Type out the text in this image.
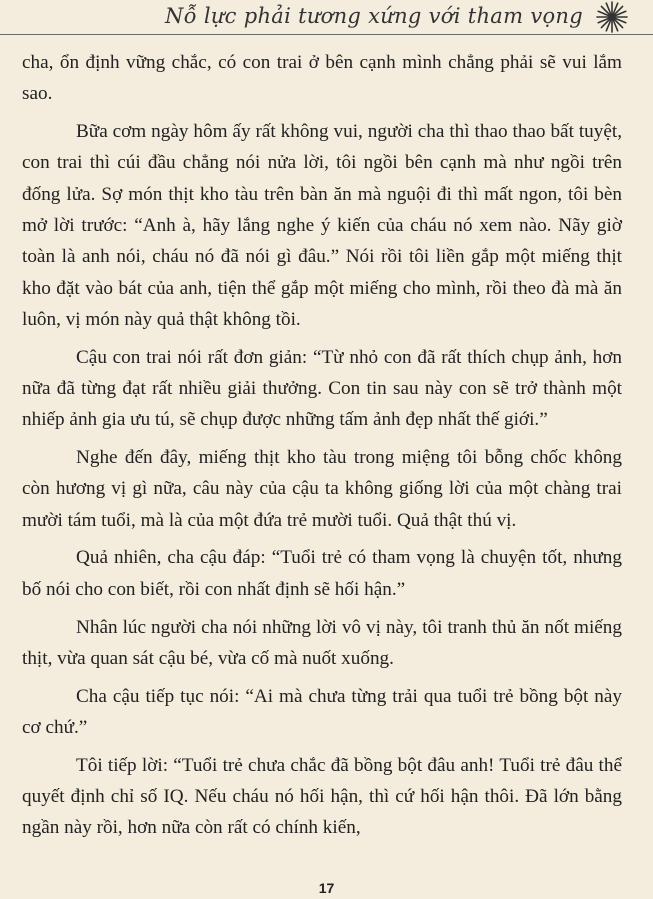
Nỗ lực phải tương xứng với tham vọng

cha, ổn định vững chắc, có con trai ở bên cạnh mình chẳng phải sẽ vui lắm sao.

Bữa cơm ngày hôm ấy rất không vui, người cha thì thao thao bất tuyệt, con trai thì cúi đầu chẳng nói nửa lời, tôi ngồi bên cạnh mà như ngồi trên đống lửa. Sợ món thịt kho tàu trên bàn ăn mà nguội đi thì mất ngon, tôi bèn mở lời trước: “Anh à, hãy lắng nghe ý kiến của cháu nó xem nào. Nãy giờ toàn là anh nói, cháu nó đã nói gì đâu.” Nói rồi tôi liền gắp một miếng thịt kho đặt vào bát của anh, tiện thể gắp một miếng cho mình, rồi theo đà mà ăn luôn, vị món này quả thật không tồi.

Cậu con trai nói rất đơn giản: “Từ nhỏ con đã rất thích chụp ảnh, hơn nữa đã từng đạt rất nhiều giải thưởng. Con tin sau này con sẽ trở thành một nhiếp ảnh gia ưu tú, sẽ chụp được những tấm ảnh đẹp nhất thế giới.”

Nghe đến đây, miếng thịt kho tàu trong miệng tôi bỗng chốc không còn hương vị gì nữa, câu này của cậu ta không giống lời của một chàng trai mười tám tuổi, mà là của một đứa trẻ mười tuổi. Quả thật thú vị.

Quả nhiên, cha cậu đáp: “Tuổi trẻ có tham vọng là chuyện tốt, nhưng bố nói cho con biết, rồi con nhất định sẽ hối hận.”

Nhân lúc người cha nói những lời vô vị này, tôi tranh thủ ăn nốt miếng thịt, vừa quan sát cậu bé, vừa cố mà nuốt xuống.

Cha cậu tiếp tục nói: “Ai mà chưa từng trải qua tuổi trẻ bồng bột này cơ chứ.”

Tôi tiếp lời: “Tuổi trẻ chưa chắc đã bồng bột đâu anh! Tuổi trẻ đâu thể quyết định chỉ số IQ. Nếu cháu nó hối hận, thì cứ hối hận thôi. Đã lớn bằng ngần này rồi, hơn nữa còn rất có chính kiến,

17
